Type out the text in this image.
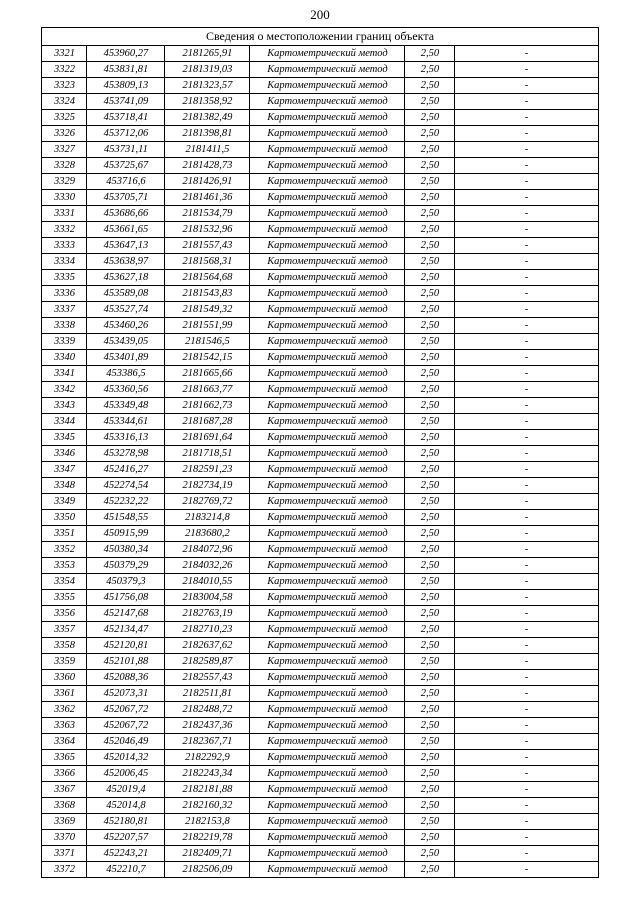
200
Сведения о местоположении границ объекта					
3321	453960,27	2181265,91	Картометрический метод	2,50	-
3322	453831,81	2181319,03	Картометрический метод	2,50	-
3323	453809,13	2181323,57	Картометрический метод	2,50	-
3324	453741,09	2181358,92	Картометрический метод	2,50	-
3325	453718,41	2181382,49	Картометрический метод	2,50	-
3326	453712,06	2181398,81	Картометрический метод	2,50	-
3327	453731,11	2181411,5	Картометрический метод	2,50	-
3328	453725,67	2181428,73	Картометрический метод	2,50	-
3329	453716,6	2181426,91	Картометрический метод	2,50	-
3330	453705,71	2181461,36	Картометрический метод	2,50	-
3331	453686,66	2181534,79	Картометрический метод	2,50	-
3332	453661,65	2181532,96	Картометрический метод	2,50	-
3333	453647,13	2181557,43	Картометрический метод	2,50	-
3334	453638,97	2181568,31	Картометрический метод	2,50	-
3335	453627,18	2181564,68	Картометрический метод	2,50	-
3336	453589,08	2181543,83	Картометрический метод	2,50	-
3337	453527,74	2181549,32	Картометрический метод	2,50	-
3338	453460,26	2181551,99	Картометрический метод	2,50	-
3339	453439,05	2181546,5	Картометрический метод	2,50	-
3340	453401,89	2181542,15	Картометрический метод	2,50	-
3341	453386,5	2181665,66	Картометрический метод	2,50	-
3342	453360,56	2181663,77	Картометрический метод	2,50	-
3343	453349,48	2181662,73	Картометрический метод	2,50	-
3344	453344,61	2181687,28	Картометрический метод	2,50	-
3345	453316,13	2181691,64	Картометрический метод	2,50	-
3346	453278,98	2181718,51	Картометрический метод	2,50	-
3347	452416,27	2182591,23	Картометрический метод	2,50	-
3348	452274,54	2182734,19	Картометрический метод	2,50	-
3349	452232,22	2182769,72	Картометрический метод	2,50	-
3350	451548,55	2183214,8	Картометрический метод	2,50	-
3351	450915,99	2183680,2	Картометрический метод	2,50	-
3352	450380,34	2184072,96	Картометрический метод	2,50	-
3353	450379,29	2184032,26	Картометрический метод	2,50	-
3354	450379,3	2184010,55	Картометрический метод	2,50	-
3355	451756,08	2183004,58	Картометрический метод	2,50	-
3356	452147,68	2182763,19	Картометрический метод	2,50	-
3357	452134,47	2182710,23	Картометрический метод	2,50	-
3358	452120,81	2182637,62	Картометрический метод	2,50	-
3359	452101,88	2182589,87	Картометрический метод	2,50	-
3360	452088,36	2182557,43	Картометрический метод	2,50	-
3361	452073,31	2182511,81	Картометрический метод	2,50	-
3362	452067,72	2182488,72	Картометрический метод	2,50	-
3363	452067,72	2182437,36	Картометрический метод	2,50	-
3364	452046,49	2182367,71	Картометрический метод	2,50	-
3365	452014,32	2182292,9	Картометрический метод	2,50	-
3366	452006,45	2182243,34	Картометрический метод	2,50	-
3367	452019,4	2182181,88	Картометрический метод	2,50	-
3368	452014,8	2182160,32	Картометрический метод	2,50	-
3369	452180,81	2182153,8	Картометрический метод	2,50	-
3370	452207,57	2182219,78	Картометрический метод	2,50	-
3371	452243,21	2182409,71	Картометрический метод	2,50	-
3372	452210,7	2182506,09	Картометрический метод	2,50	-
